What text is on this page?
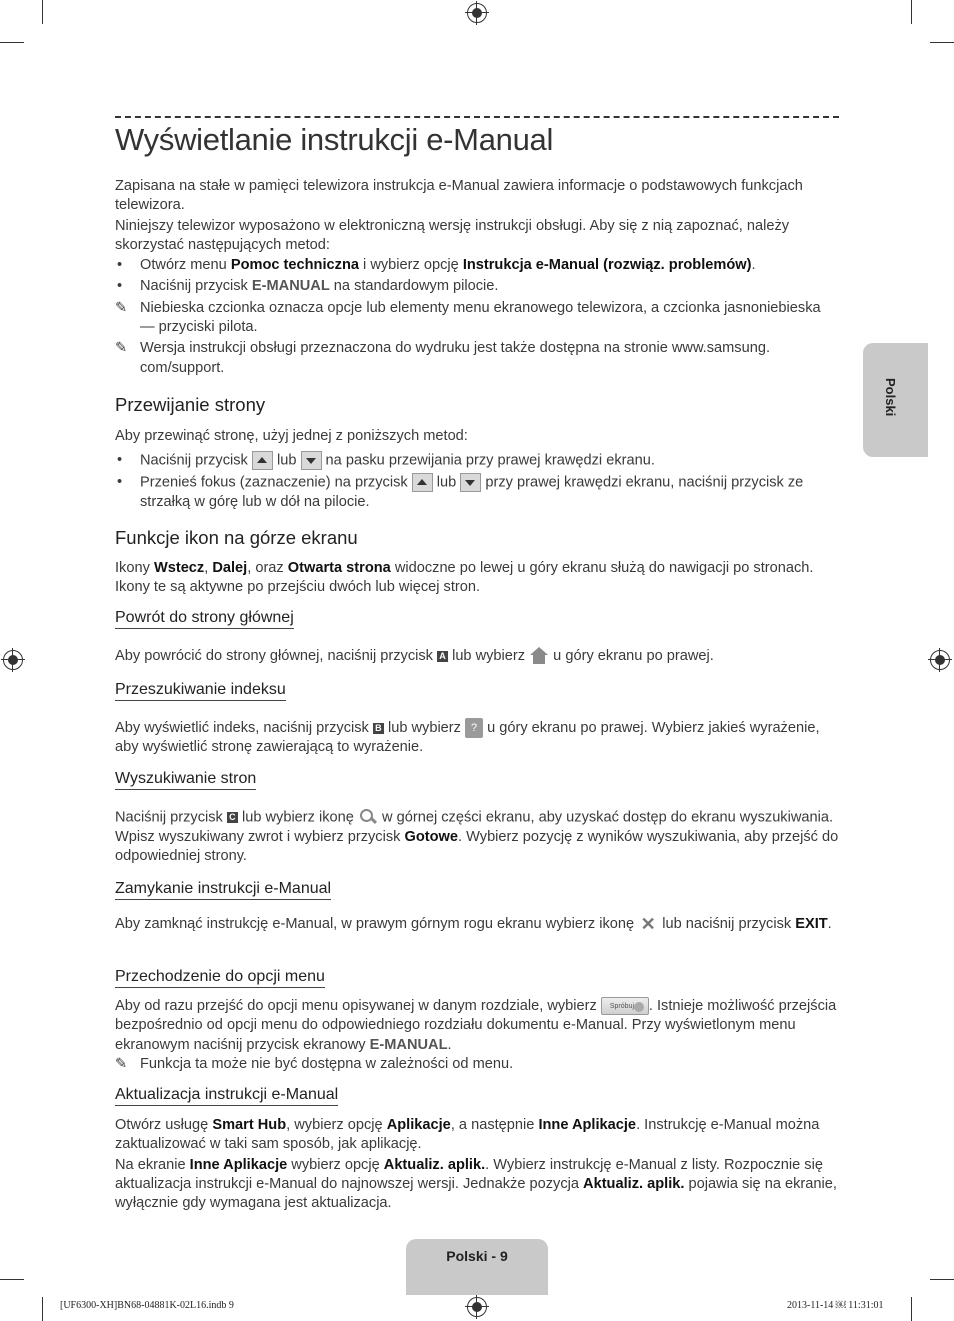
Wyświetlanie instrukcji e-Manual

Zapisana na stałe w pamięci telewizora instrukcja e-Manual zawiera informacje o podstawowych funkcjach telewizora.

Niniejszy telewizor wyposażono w elektroniczną wersję instrukcji obsługi. Aby się z nią zapoznać, należy skorzystać następujących metod:

• Otwórz menu Pomoc techniczna i wybierz opcję Instrukcja e-Manual (rozwiąz. problemów).
• Naciśnij przycisk E-MANUAL na standardowym pilocie.
✎ Niebieska czcionka oznacza opcje lub elementy menu ekranowego telewizora, a czcionka jasnoniebieska — przyciski pilota.
✎ Wersja instrukcji obsługi przeznaczona do wydruku jest także dostępna na stronie www.samsung. com/support.
Przewijanie strony

Aby przewinąć stronę, użyj jednej z poniższych metod:

• Naciśnij przycisk  lub  na pasku przewijania przy prawej krawędzi ekranu.
• Przenieś fokus (zaznaczenie) na przycisk  lub  przy prawej krawędzi ekranu, naciśnij przycisk ze strzałką w górę lub w dół na pilocie.
Funkcje ikon na górze ekranu

Ikony Wstecz, Dalej, oraz Otwarta strona widoczne po lewej u góry ekranu służą do nawigacji po stronach. Ikony te są aktywne po przejściu dwóch lub więcej stron.

Powrót do strony głównej

Aby powrócić do strony głównej, naciśnij przycisk A lub wybierz  u góry ekranu po prawej.

Przeszukiwanie indeksu

Aby wyświetlić indeks, naciśnij przycisk B lub wybierz ? u góry ekranu po prawej. Wybierz jakieś wyrażenie, aby wyświetlić stronę zawierającą to wyrażenie.

Wyszukiwanie stron

Naciśnij przycisk C lub wybierz ikonę  w górnej części ekranu, aby uzyskać dostęp do ekranu wyszukiwania. Wpisz wyszukiwany zwrot i wybierz przycisk Gotowe. Wybierz pozycję z wyników wyszukiwania, aby przejść do odpowiedniej strony.

Zamykanie instrukcji e-Manual

Aby zamknąć instrukcję e-Manual, w prawym górnym rogu ekranu wybierz ikonę ✕ lub naciśnij przycisk EXIT.

Przechodzenie do opcji menu

Aby od razu przejść do opcji menu opisywanej w danym rozdziale, wybierz Spróbuj . Istnieje możliwość przejścia bezpośrednio od opcji menu do odpowiedniego rozdziału dokumentu e-Manual. Przy wyświetlonym menu ekranowym naciśnij przycisk ekranowy E-MANUAL.

✎ Funkcja ta może nie być dostępna w zależności od menu.
Aktualizacja instrukcji e-Manual

Otwórz usługę Smart Hub, wybierz opcję Aplikacje, a następnie Inne Aplikacje. Instrukcję e-Manual można zaktualizować w taki sam sposób, jak aplikację.

Na ekranie Inne Aplikacje wybierz opcję Aktualiz. aplik.. Wybierz instrukcję e-Manual z listy. Rozpocznie się aktualizacja instrukcji e-Manual do najnowszej wersji. Jednakże pozycja Aktualiz. aplik. pojawia się na ekranie, wyłącznie gdy wymagana jest aktualizacja.

Polski
Polski - 9
[UF6300-XH]BN68-04881K-02L16.indb 9	2013-11-14 ￼ 11:31:01
